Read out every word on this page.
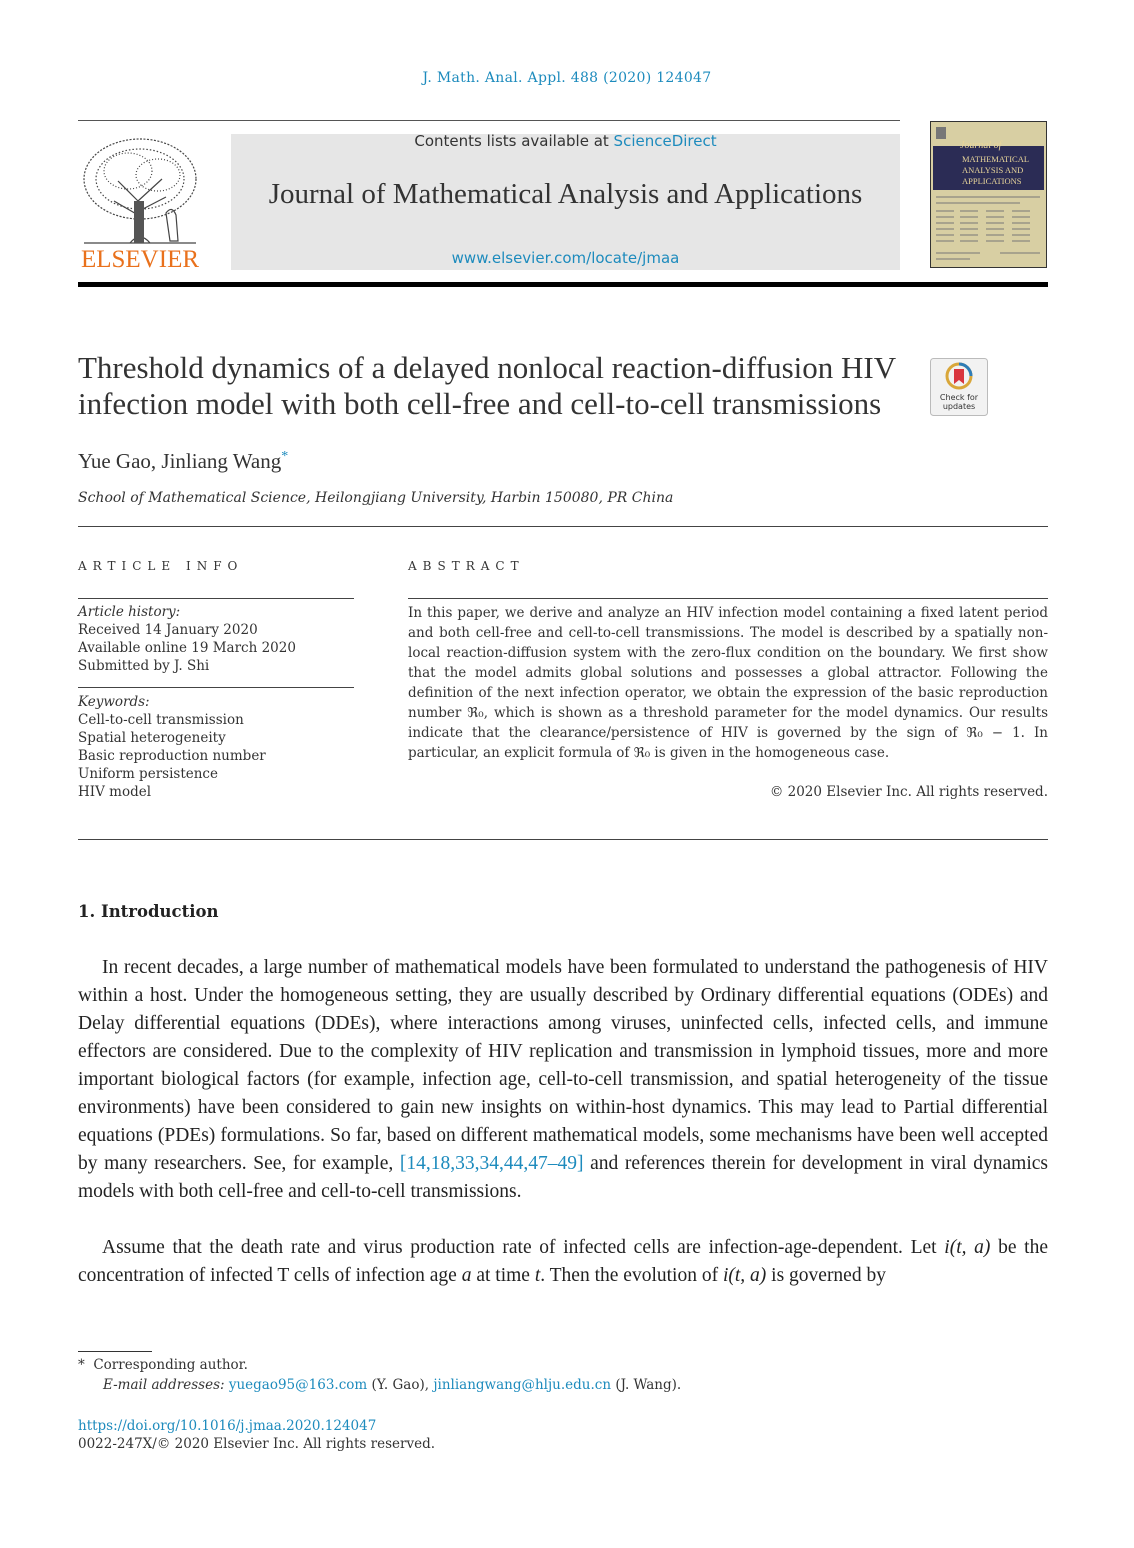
J. Math. Anal. Appl. 488 (2020) 124047
ELSEVIER
Contents lists available at ScienceDirect
Journal of Mathematical Analysis and Applications
www.elsevier.com/locate/jmaa
Journal of
MATHEMATICAL
ANALYSIS AND
APPLICATIONS
Threshold dynamics of a delayed nonlocal reaction-diffusion HIV
infection model with both cell-free and cell-to-cell transmissions	Check for
updates
Yue Gao, Jinliang Wang*
School of Mathematical Science, Heilongjiang University, Harbin 150080, PR China
ARTICLE INFO	ABSTRACT
Article history:
Received 14 January 2020
Available online 19 March 2020
Submitted by J. Shi
Keywords:
Cell-to-cell transmission
Spatial heterogeneity
Basic reproduction number
Uniform persistence
HIV model
In this paper, we derive and analyze an HIV infection model containing a fixed latent period and both cell-free and cell-to-cell transmissions. The model is described by a spatially non-local reaction-diffusion system with the zero-flux condition on the boundary. We first show that the model admits global solutions and possesses a global attractor. Following the definition of the next infection operator, we obtain the expression of the basic reproduction number ℜ₀, which is shown as a threshold parameter for the model dynamics. Our results indicate that the clearance/persistence of HIV is governed by the sign of ℜ₀ − 1. In particular, an explicit formula of ℜ₀ is given in the homogeneous case.
© 2020 Elsevier Inc. All rights reserved.
1. Introduction
In recent decades, a large number of mathematical models have been formulated to understand the pathogenesis of HIV within a host. Under the homogeneous setting, they are usually described by Ordinary differential equations (ODEs) and Delay differential equations (DDEs), where interactions among viruses, uninfected cells, infected cells, and immune effectors are considered. Due to the complexity of HIV replication and transmission in lymphoid tissues, more and more important biological factors (for example, infection age, cell-to-cell transmission, and spatial heterogeneity of the tissue environments) have been considered to gain new insights on within-host dynamics. This may lead to Partial differential equations (PDEs) formulations. So far, based on different mathematical models, some mechanisms have been well accepted by many researchers. See, for example, [14,18,33,34,44,47–49] and references therein for development in viral dynamics models with both cell-free and cell-to-cell transmissions.
Assume that the death rate and virus production rate of infected cells are infection-age-dependent. Let i(t, a) be the concentration of infected T cells of infection age a at time t. Then the evolution of i(t, a) is governed by
* Corresponding author.
E-mail addresses: yuegao95@163.com (Y. Gao), jinliangwang@hlju.edu.cn (J. Wang).
https://doi.org/10.1016/j.jmaa.2020.124047
0022-247X/© 2020 Elsevier Inc. All rights reserved.
